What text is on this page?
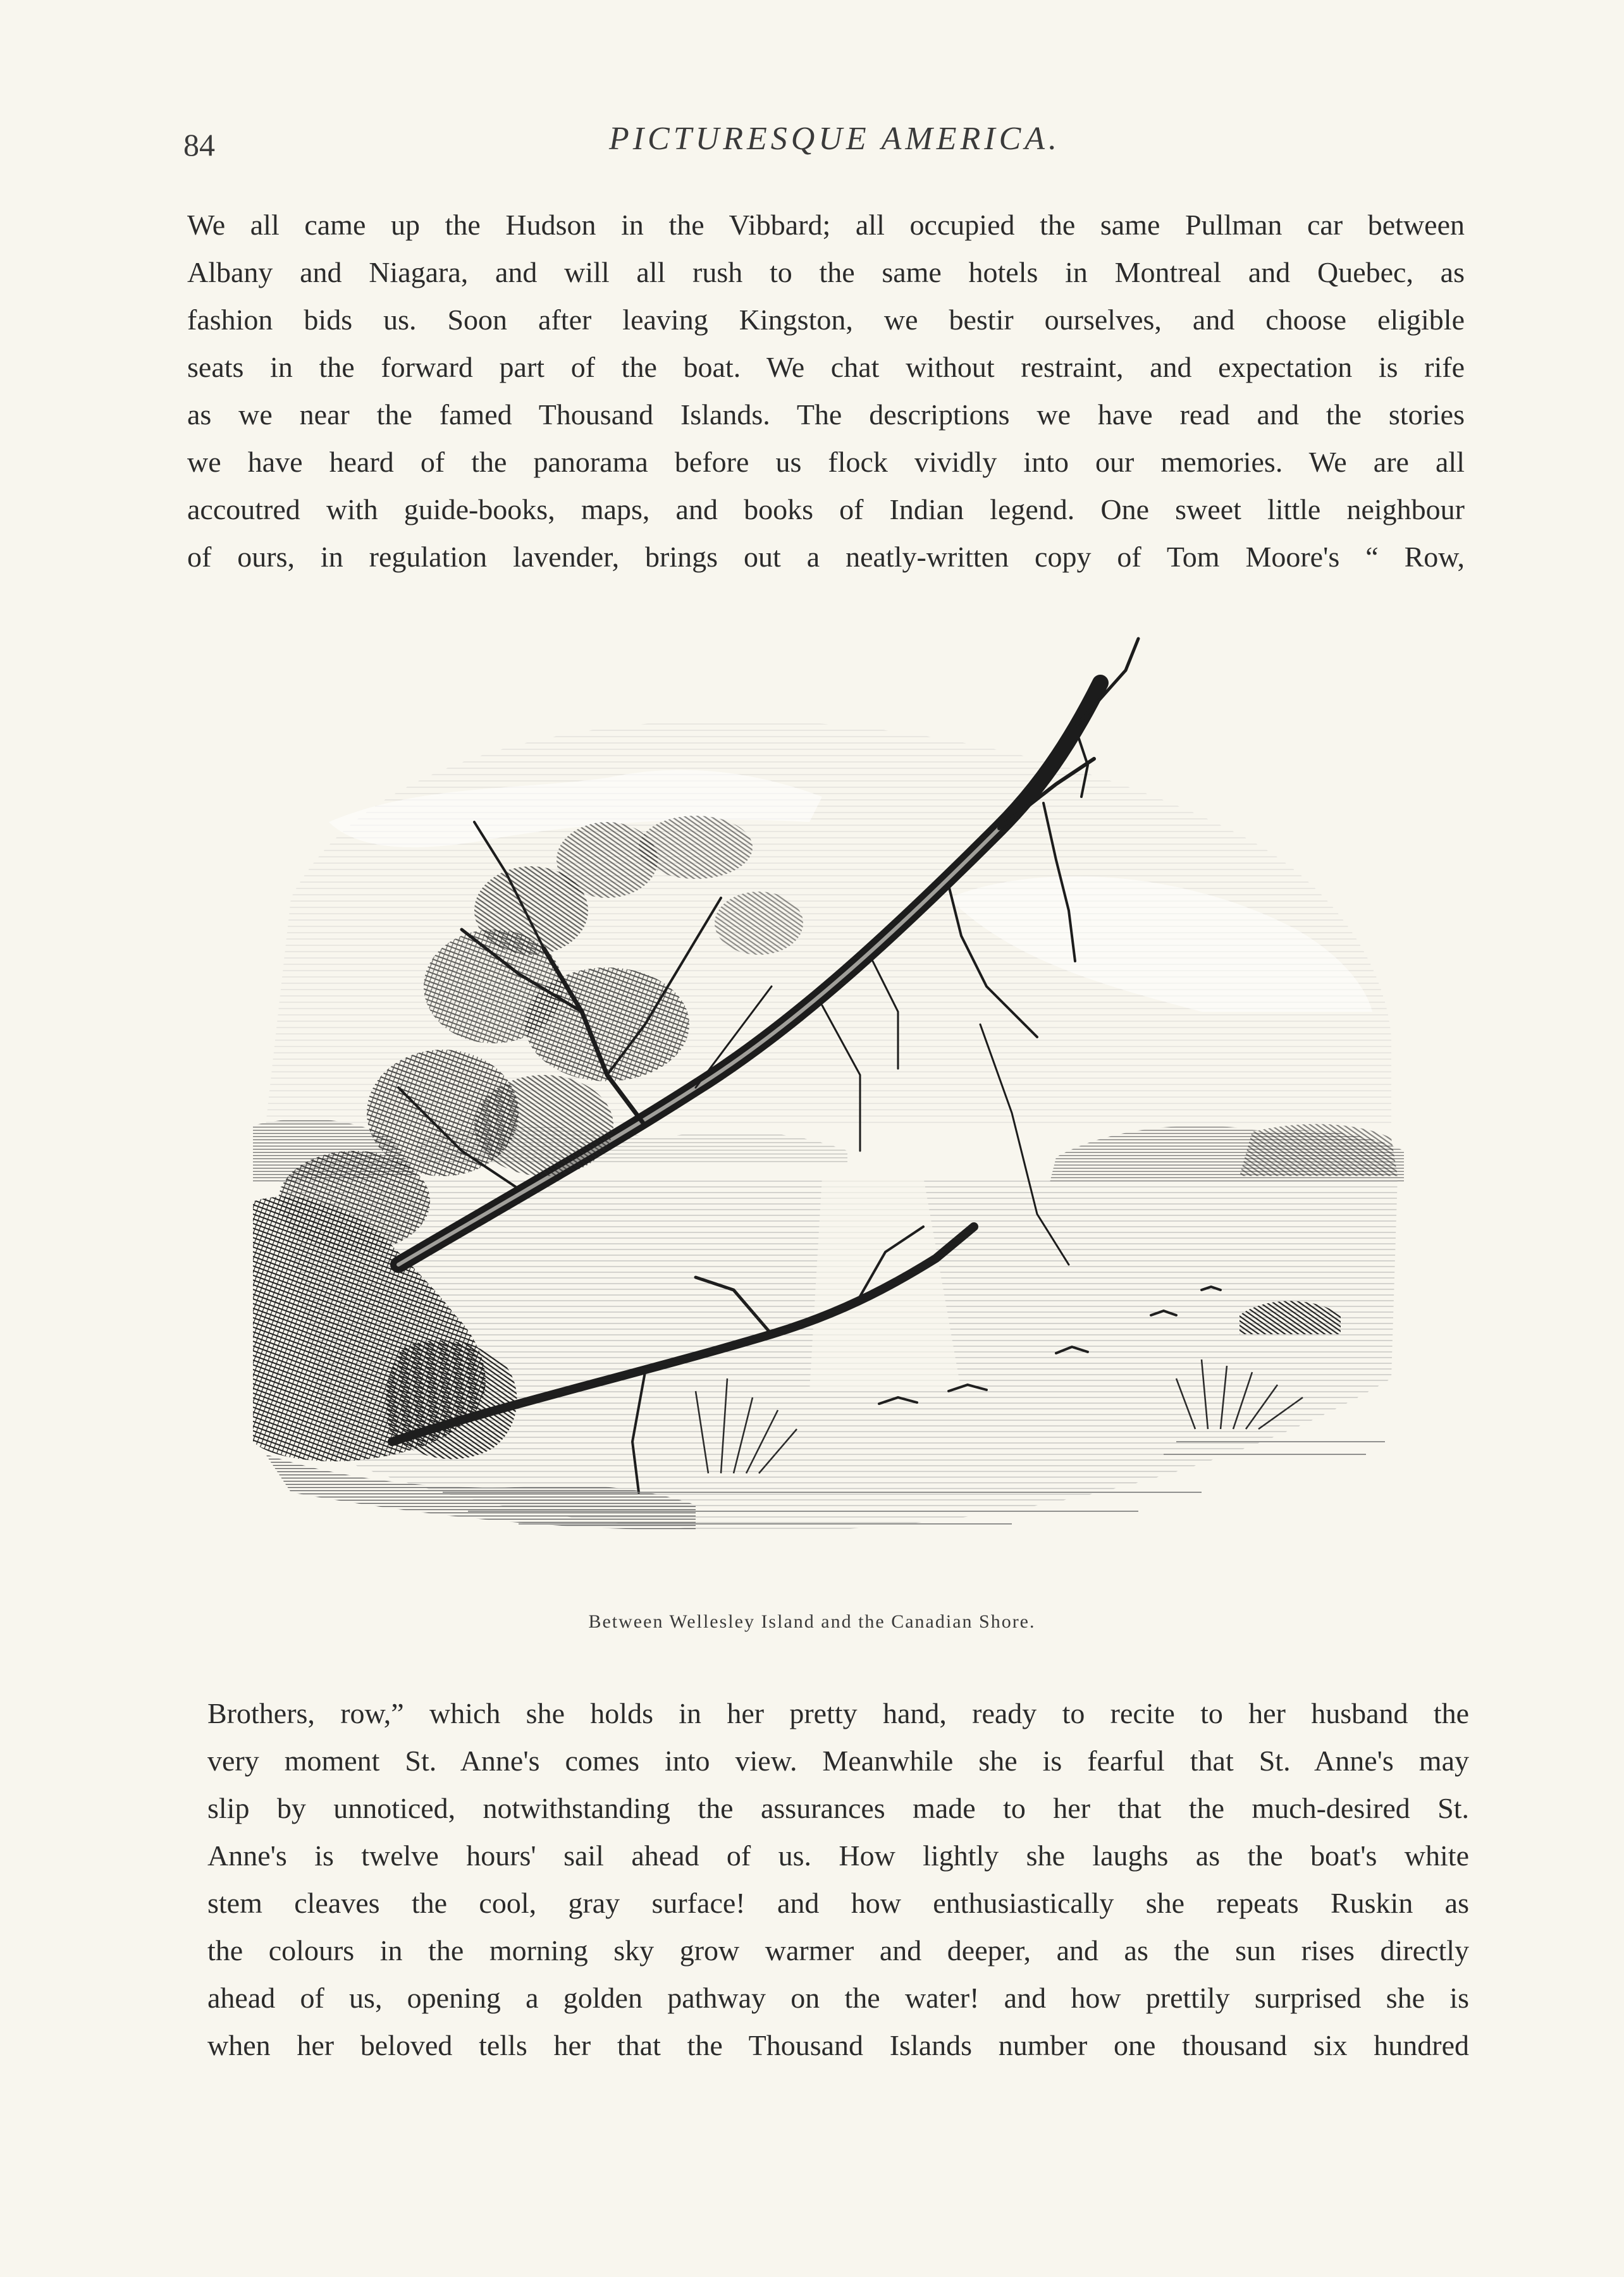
84	PICTURESQUE AMERICA.
We all came up the Hudson in the Vibbard; all occupied the same Pullman car between
Albany and Niagara, and will all rush to the same hotels in Montreal and Quebec, as
fashion bids us. Soon after leaving Kingston, we bestir ourselves, and choose eligible
seats in the forward part of the boat. We chat without restraint, and expectation is rife
as we near the famed Thousand Islands. The descriptions we have read and the stories
we have heard of the panorama before us flock vividly into our memories. We are all
accoutred with guide-books, maps, and books of Indian legend. One sweet little neighbour
of ours, in regulation lavender, brings out a neatly-written copy of Tom Moore's “ Row,
Between Wellesley Island and the Canadian Shore.
Brothers, row,” which she holds in her pretty hand, ready to recite to her husband the
very moment St. Anne's comes into view. Meanwhile she is fearful that St. Anne's may
slip by unnoticed, notwithstanding the assurances made to her that the much-desired St.
Anne's is twelve hours' sail ahead of us. How lightly she laughs as the boat's white
stem cleaves the cool, gray surface! and how enthusiastically she repeats Ruskin as
the colours in the morning sky grow warmer and deeper, and as the sun rises directly
ahead of us, opening a golden pathway on the water! and how prettily surprised she is
when her beloved tells her that the Thousand Islands number one thousand six hundred
